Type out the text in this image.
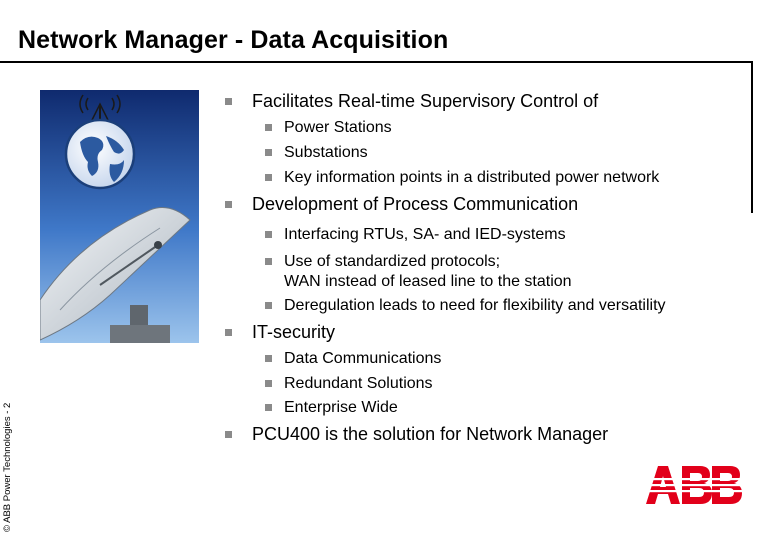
Network Manager - Data Acquisition
© ABB Power Technologies - 2
Facilitates Real-time Supervisory Control of
Power Stations
Substations
Key information points in a distributed power network
Development of Process Communication
Interfacing RTUs, SA- and IED-systems
Use of standardized protocols;
WAN instead of leased line to the station
Deregulation leads to need for flexibility and versatility
IT-security
Data Communications
Redundant Solutions
Enterprise Wide
PCU400 is the solution for Network Manager
